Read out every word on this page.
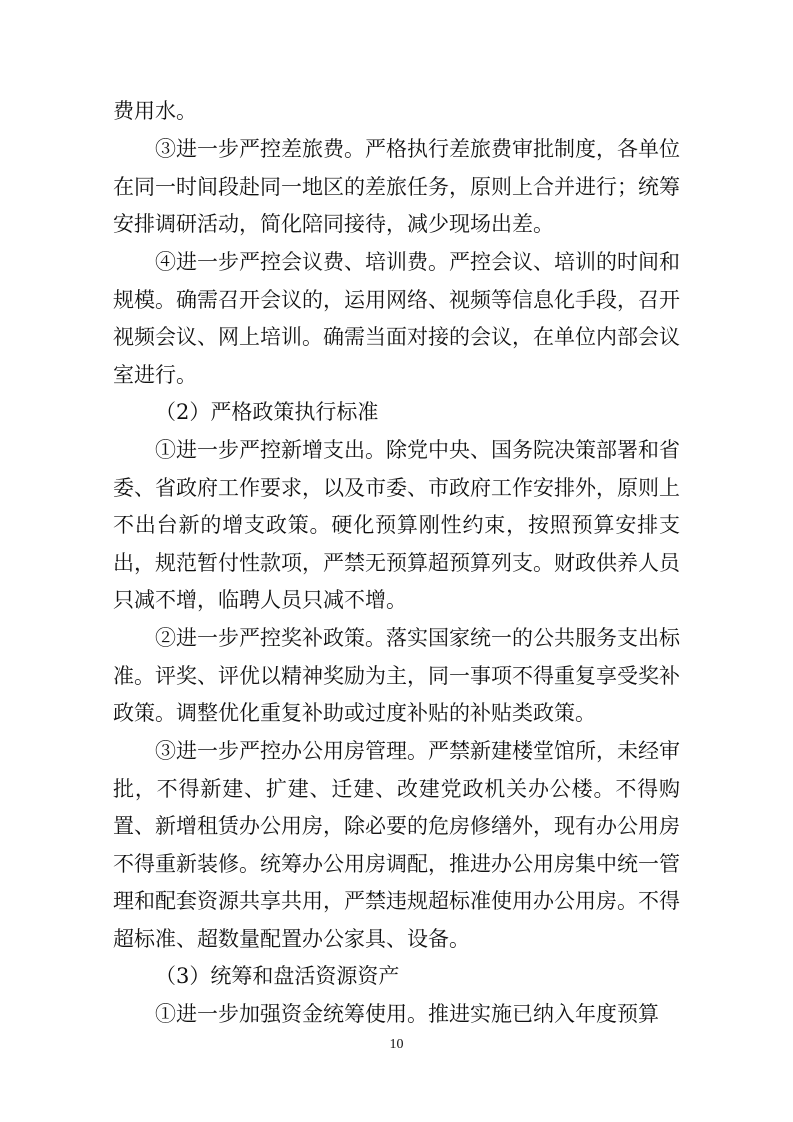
费用水。

③进一步严控差旅费。严格执行差旅费审批制度，各单位在同一时间段赴同一地区的差旅任务，原则上合并进行；统筹安排调研活动，简化陪同接待，减少现场出差。

④进一步严控会议费、培训费。严控会议、培训的时间和规模。确需召开会议的，运用网络、视频等信息化手段，召开视频会议、网上培训。确需当面对接的会议，在单位内部会议室进行。

（2）严格政策执行标准

①进一步严控新增支出。除党中央、国务院决策部署和省委、省政府工作要求，以及市委、市政府工作安排外，原则上不出台新的增支政策。硬化预算刚性约束，按照预算安排支出，规范暂付性款项，严禁无预算超预算列支。财政供养人员只减不增，临聘人员只减不增。

②进一步严控奖补政策。落实国家统一的公共服务支出标准。评奖、评优以精神奖励为主，同一事项不得重复享受奖补政策。调整优化重复补助或过度补贴的补贴类政策。

③进一步严控办公用房管理。严禁新建楼堂馆所，未经审批，不得新建、扩建、迁建、改建党政机关办公楼。不得购置、新增租赁办公用房，除必要的危房修缮外，现有办公用房不得重新装修。统筹办公用房调配，推进办公用房集中统一管理和配套资源共享共用，严禁违规超标准使用办公用房。不得超标准、超数量配置办公家具、设备。

（3）统筹和盘活资源资产

①进一步加强资金统筹使用。推进实施已纳入年度预算

10
